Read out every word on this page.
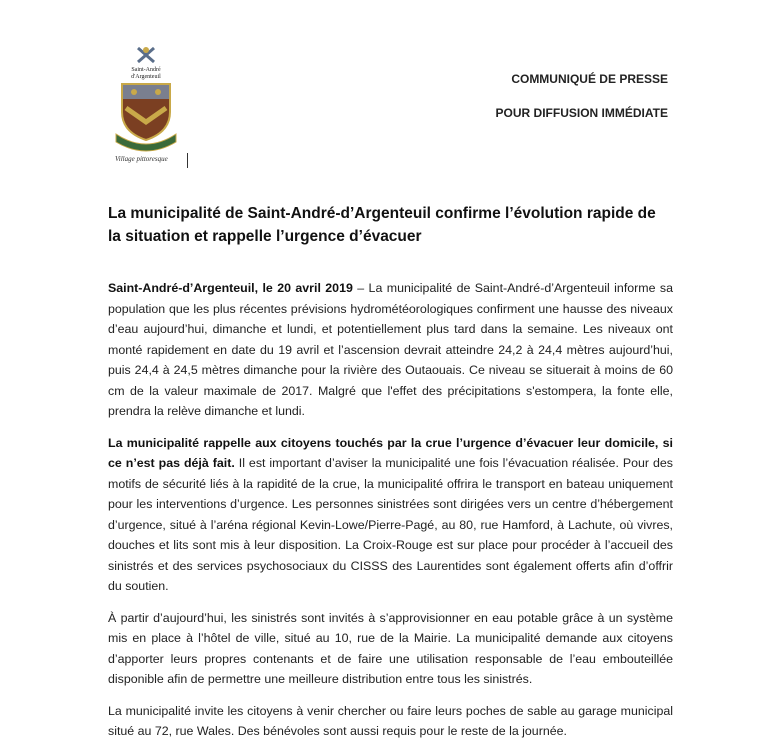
Saint-André
d'Argenteuil
Village pittoresque
COMMUNIQUÉ DE PRESSE
POUR DIFFUSION IMMÉDIATE
La municipalité de Saint-André-d’Argenteuil confirme l’évolution rapide de la situation et rappelle l’urgence d’évacuer

Saint-André-d’Argenteuil, le 20 avril 2019 – La municipalité de Saint-André-d’Argenteuil informe sa population que les plus récentes prévisions hydrométéorologiques confirment une hausse des niveaux d’eau aujourd’hui, dimanche et lundi, et potentiellement plus tard dans la semaine. Les niveaux ont monté rapidement en date du 19 avril et l’ascension devrait atteindre 24,2 à 24,4 mètres aujourd’hui, puis 24,4 à 24,5 mètres dimanche pour la rivière des Outaouais. Ce niveau se situerait à moins de 60 cm de la valeur maximale de 2017. Malgré que l'effet des précipitations s'estompera, la fonte elle, prendra la relève dimanche et lundi.

La municipalité rappelle aux citoyens touchés par la crue l’urgence d’évacuer leur domicile, si ce n’est pas déjà fait. Il est important d’aviser la municipalité une fois l’évacuation réalisée. Pour des motifs de sécurité liés à la rapidité de la crue, la municipalité offrira le transport en bateau uniquement pour les interventions d’urgence. Les personnes sinistrées sont dirigées vers un centre d’hébergement d’urgence, situé à l’aréna régional Kevin-Lowe/Pierre-Pagé, au 80, rue Hamford, à Lachute, où vivres, douches et lits sont mis à leur disposition. La Croix-Rouge est sur place pour procéder à l’accueil des sinistrés et des services psychosociaux du CISSS des Laurentides sont également offerts afin d’offrir du soutien.

À partir d’aujourd’hui, les sinistrés sont invités à s’approvisionner en eau potable grâce à un système mis en place à l’hôtel de ville, situé au 10, rue de la Mairie. La municipalité demande aux citoyens d’apporter leurs propres contenants et de faire une utilisation responsable de l’eau embouteillée disponible afin de permettre une meilleure distribution entre tous les sinistrés.

La municipalité invite les citoyens à venir chercher ou faire leurs poches de sable au garage municipal situé au 72, rue Wales. Des bénévoles sont aussi requis pour le reste de la journée.
